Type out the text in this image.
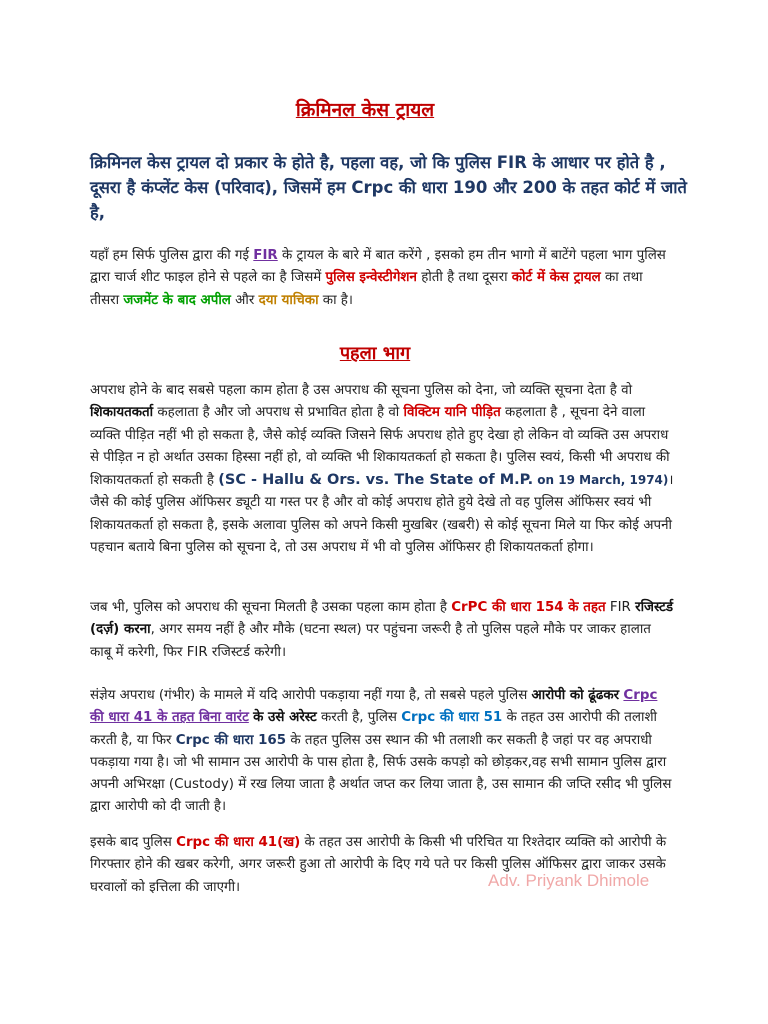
क्रिमिनल केस ट्रायल
क्रिमिनल केस ट्रायल दो प्रकार के होते है, पहला वह, जो कि पुलिस FIR के आधार पर होते है , दूसरा है कंप्लेंट केस (परिवाद), जिसमें हम Crpc की धारा 190 और 200 के तहत कोर्ट में जाते है,
यहाँ हम सिर्फ पुलिस द्वारा की गई FIR के ट्रायल के बारे में बात करेंगे , इसको हम तीन भागो में बाटेंगे पहला भाग पुलिस द्वारा चार्ज शीट फाइल होने से पहले का है जिसमें पुलिस इन्वेस्टीगेशन होती है तथा दूसरा कोर्ट में केस ट्रायल का तथा तीसरा जजमेंट के बाद अपील और दया याचिका का है।
पहला भाग
अपराध होने के बाद सबसे पहला काम होता है उस अपराध की सूचना पुलिस को देना, जो व्यक्ति सूचना देता है वो शिकायतकर्ता कहलाता है और जो अपराध से प्रभावित होता है वो विक्टिम यानि पीड़ित कहलाता है , सूचना देने वाला व्यक्ति पीड़ित नहीं भी हो सकता है, जैसे कोई व्यक्ति जिसने सिर्फ अपराध होते हुए देखा हो लेकिन वो व्यक्ति उस अपराध से पीड़ित न हो अर्थात उसका हिस्सा नहीं हो, वो व्यक्ति भी शिकायतकर्ता हो सकता है। पुलिस स्वयं, किसी भी अपराध की शिकायतकर्ता हो सकती है (SC - Hallu & Ors. vs. The State of M.P. on 19 March, 1974)। जैसे की कोई पुलिस ऑफिसर ड्यूटी या गस्त पर है और वो कोई अपराध होते हुये देखे तो वह पुलिस ऑफिसर स्वयं भी शिकायतकर्ता हो सकता है, इसके अलावा पुलिस को अपने किसी मुखबिर (खबरी) से कोई सूचना मिले या फिर कोई अपनी पहचान बताये बिना पुलिस को सूचना दे, तो उस अपराध में भी वो पुलिस ऑफिसर ही शिकायतकर्ता होगा।
जब भी, पुलिस को अपराध की सूचना मिलती है उसका पहला काम होता है CrPC की धारा 154 के तहत FIR रजिस्टर्ड (दर्ज़) करना, अगर समय नहीं है और मौके (घटना स्थल) पर पहुंचना जरूरी है तो पुलिस पहले मौके पर जाकर हालात काबू में करेगी, फिर FIR रजिस्टर्ड करेगी।
संज्ञेय अपराध (गंभीर) के मामले में यदि आरोपी पकड़ाया नहीं गया है, तो सबसे पहले पुलिस आरोपी को ढूंढकर Crpc की धारा 41 के तहत बिना वारंट के उसे अरेस्ट करती है, पुलिस Crpc की धारा 51 के तहत उस आरोपी की तलाशी करती है, या फिर Crpc की धारा 165 के तहत पुलिस उस स्थान की भी तलाशी कर सकती है जहां पर वह अपराधी पकड़ाया गया है। जो भी सामान उस आरोपी के पास होता है, सिर्फ उसके कपड़ो को छोड़कर,वह सभी सामान पुलिस द्वारा अपनी अभिरक्षा (Custody) में रख लिया जाता है अर्थात जप्त कर लिया जाता है, उस सामान की जप्ति रसीद भी पुलिस द्वारा आरोपी को दी जाती है।
इसके बाद पुलिस Crpc की धारा 41(ख) के तहत उस आरोपी के किसी भी परिचित या रिश्तेदार व्यक्ति को आरोपी के गिरफ्तार होने की खबर करेगी, अगर जरूरी हुआ तो आरोपी के दिए गये पते पर किसी पुलिस ऑफिसर द्वारा जाकर उसके घरवालों को इत्तिला की जाएगी।	Adv. Priyank Dhimole
